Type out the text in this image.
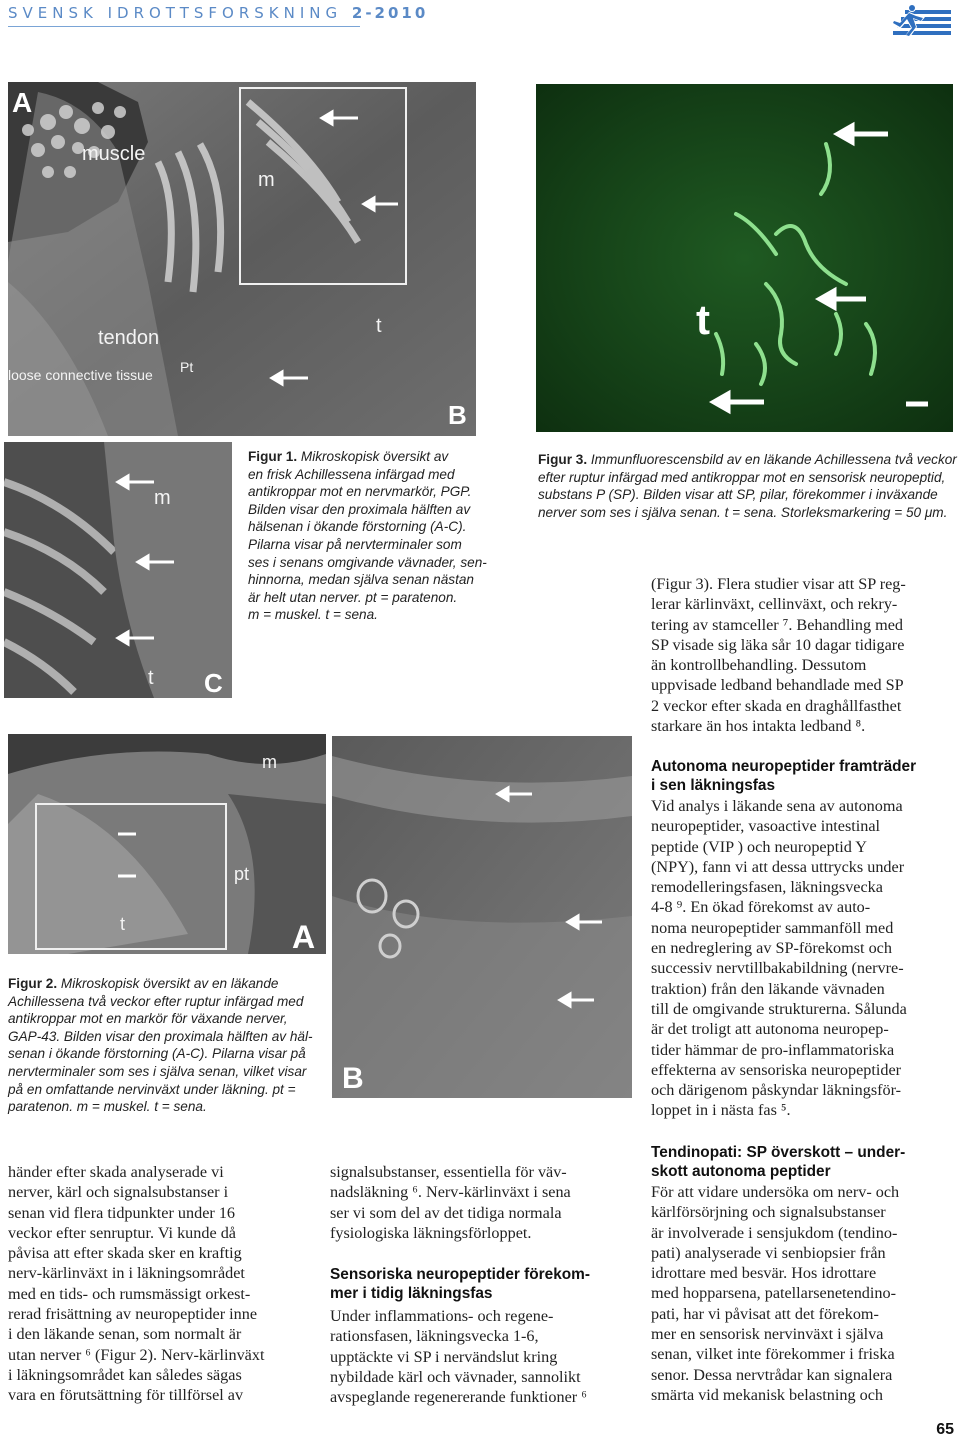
SVENSK IDROTTSFORSKNING 2-2010
A
muscle
tendon
loose connective tissue Pt
m
t
B
m
t C
Figur 1. Mikroskopisk översikt av
en frisk Achillessena infärgad med
antikroppar mot en nervmarkör, PGP.
Bilden visar den proximala hälften av
hälsenan i ökande förstorning (A-C).
Pilarna visar på nervterminaler som
ses i senans omgivande vävnader, sen-
hinnorna, medan själva senan nästan
är helt utan nerver. pt = paratenon.
m = muskel. t = sena.
t
Figur 3. Immunfluorescensbild av en läkande Achillessena två veckor
efter ruptur infärgad med antikroppar mot en sensorisk neuropeptid,
substans P (SP). Bilden visar att SP, pilar, förekommer i inväxande
nerver som ses i själva senan. t = sena. Storleksmarkering = 50 μm.
(Figur 3). Flera studier visar att SP reg-
lerar kärlinväxt, cellinväxt, och rekry-
tering av stamceller ⁷. Behandling med
SP visade sig läka sår 10 dagar tidigare
än kontrollbehandling. Dessutom
uppvisade ledband behandlade med SP
2 veckor efter skada en draghållfasthet
starkare än hos intakta ledband ⁸.
m
pt
t	A
B
Figur 2. Mikroskopisk översikt av en läkande
Achillessena två veckor efter ruptur infärgad med
antikroppar mot en markör för växande nerver,
GAP-43. Bilden visar den proximala hälften av häl-
senan i ökande förstorning (A-C). Pilarna visar på
nervterminaler som ses i själva senan, vilket visar
på en omfattande nervinväxt under läkning. pt =
paratenon. m = muskel. t = sena.
Autonoma neuropeptider framträder
i sen läkningsfas
Vid analys i läkande sena av autonoma
neuropeptider, vasoactive intestinal
peptide (VIP ) och neuropeptid Y
(NPY), fann vi att dessa uttrycks under
remodelleringsfasen, läkningsvecka
4-8 ⁹. En ökad förekomst av auto-
noma neuropeptider sammanföll med
en nedreglering av SP-förekomst och
successiv nervtillbakabildning (nervre-
traktion) från den läkande vävnaden
till de omgivande strukturerna. Sålunda
är det troligt att autonoma neuropep-
tider hämmar de pro-inflammatoriska
effekterna av sensoriska neuropeptider
och därigenom påskyndar läkningsför-
loppet in i nästa fas ⁵.
Tendinopati: SP överskott – under-
skott autonoma peptider
För att vidare undersöka om nerv- och
kärlförsörjning och signalsubstanser
är involverade i sensjukdom (tendino-
pati) analyserade vi senbiopsier från
idrottare med besvär. Hos idrottare
med hopparsena, patellarsenetendino-
pati, har vi påvisat att det förekom-
mer en sensorisk nervinväxt i själva
senan, vilket inte förekommer i friska
senor. Dessa nervtrådar kan signalera
smärta vid mekanisk belastning och
händer efter skada analyserade vi
nerver, kärl och signalsubstanser i
senan vid flera tidpunkter under 16
veckor efter senruptur. Vi kunde då
påvisa att efter skada sker en kraftig
nerv-kärlinväxt in i läkningsområdet
med en tids- och rumsmässigt orkest-
rerad frisättning av neuropeptider inne
i den läkande senan, som normalt är
utan nerver ⁶ (Figur 2). Nerv-kärlinväxt
i läkningsområdet kan således sägas
vara en förutsättning för tillförsel av
signalsubstanser, essentiella för väv-
nadsläkning ⁶. Nerv-kärlinväxt i sena
ser vi som del av det tidiga normala
fysiologiska läkningsförloppet.
Sensoriska neuropeptider förekom-
mer i tidig läkningsfas
Under inflammations- och regene-
rationsfasen, läkningsvecka 1-6,
upptäckte vi SP i nervändslut kring
nybildade kärl och vävnader, sannolikt
avspeglande regenererande funktioner ⁶
65
